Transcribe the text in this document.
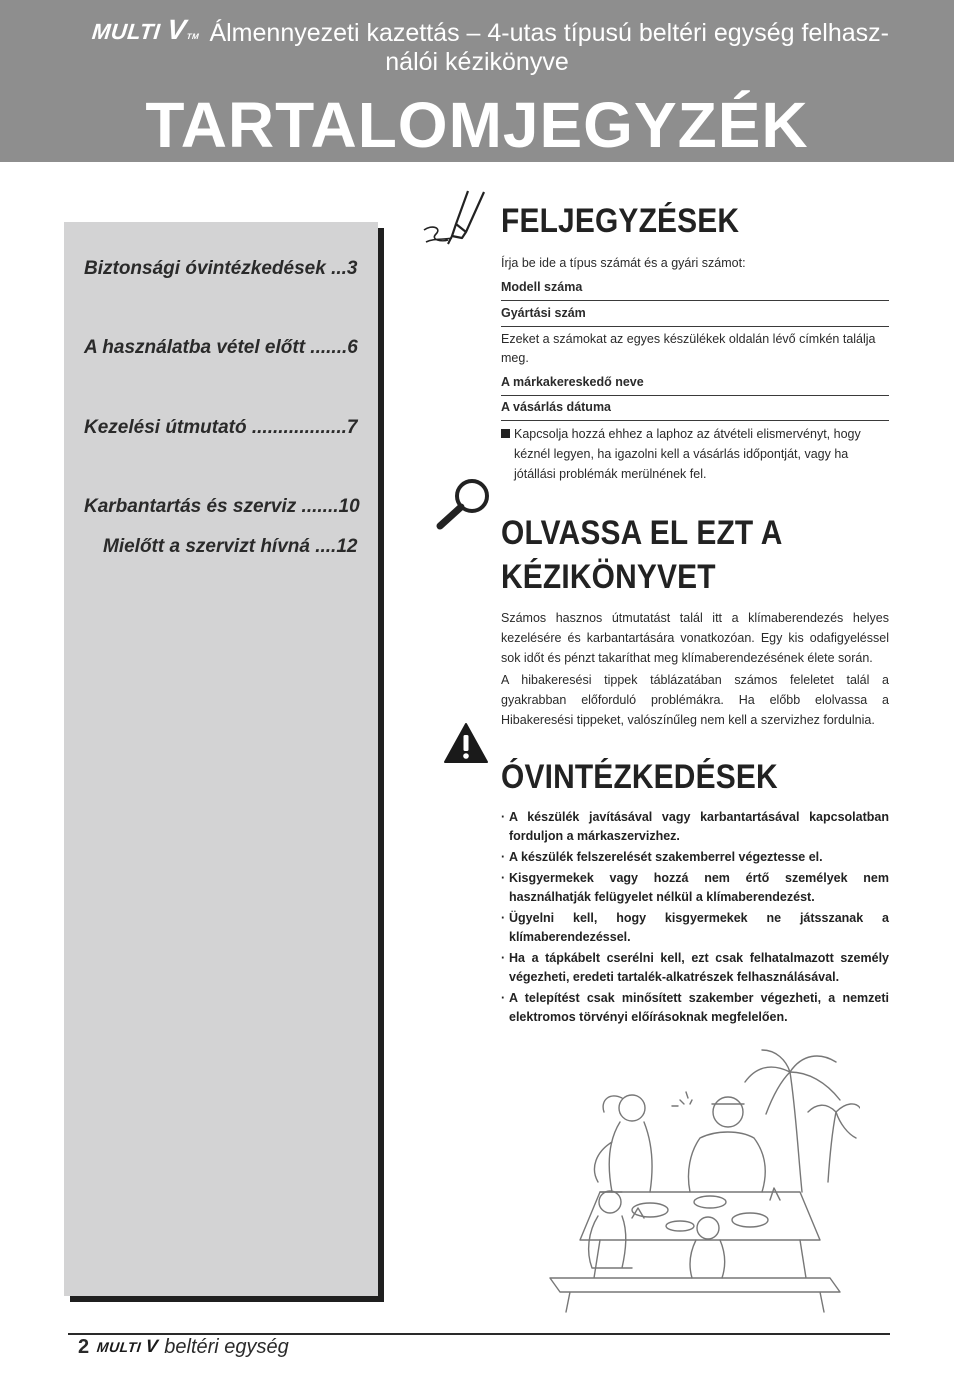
MULTI VTM Álmennyezeti kazettás – 4-utas típusú beltéri egység felhasz-
nálói kézikönyve
TARTALOMJEGYZÉK
Biztonsági óvintézkedések ...3
A használatba vétel előtt .......6
Kezelési útmutató ..................7
Karbantartás és szerviz .......10
Mielőtt a szervizt hívná ....12
FELJEGYZÉSEK
Írja be ide a típus számát és a gyári számot:
Modell száma
Gyártási szám
Ezeket a számokat az egyes készülékek oldalán lévő címkén találja meg.
A márkakereskedő neve
A vásárlás dátuma
Kapcsolja hozzá ehhez a laphoz az átvételi elismervényt, hogy kéznél legyen, ha igazolni kell a vásárlás időpontját, vagy ha jótállási problémák merülnének fel.
OLVASSA EL EZT A
KÉZIKÖNYVET
Számos hasznos útmutatást talál itt a klímaberendezés helyes kezelésére és karbantartására vonatkozóan. Egy kis odafigyeléssel sok időt és pénzt takaríthat meg klímaberendezésének élete során.
A hibakeresési tippek táblázatában számos feleletet talál a gyakrabban előforduló problémákra. Ha előbb elolvassa a Hibakeresési tippeket, valószínűleg nem kell a szervizhez fordulnia.
ÓVINTÉZKEDÉSEK
· A készülék javításával vagy karbantartásával kapcsolatban forduljon a márkaszervizhez.
· A készülék felszerelését szakemberrel végeztesse el.
· Kisgyermekek vagy hozzá nem értő személyek nem használhatják felügyelet nélkül a klímaberendezést.
· Ügyelni kell, hogy kisgyermekek ne játsszanak a klímaberendezéssel.
· Ha a tápkábelt cserélni kell, ezt csak felhatalmazott személy végezheti, eredeti tartalék-alkatrészek felhasználásával.
· A telepítést csak minősített szakember végezheti, a nemzeti elektromos törvényi előírásoknak megfelelően.
2 MULTI V beltéri egység
